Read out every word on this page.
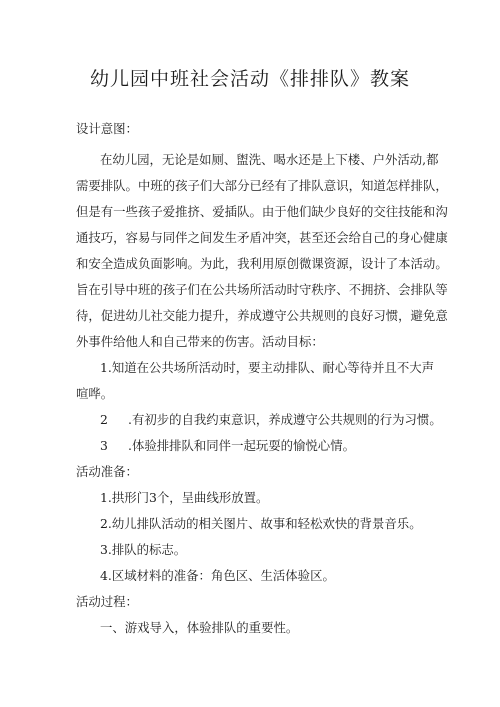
幼儿园中班社会活动《排排队》教案
设计意图：
在幼儿园，无论是如厕、盥洗、喝水还是上下楼、户外活动,都
需要排队。中班的孩子们大部分已经有了排队意识，知道怎样排队，
但是有一些孩子爱推挤、爱插队。由于他们缺少良好的交往技能和沟
通技巧，容易与同伴之间发生矛盾冲突，甚至还会给自己的身心健康
和安全造成负面影响。为此，我利用原创微课资源，设计了本活动。
旨在引导中班的孩子们在公共场所活动时守秩序、不拥挤、会排队等
待，促进幼儿社交能力提升，养成遵守公共规则的良好习惯，避免意
外事件给他人和自己带来的伤害。活动目标：
1.知道在公共场所活动时，要主动排队、耐心等待并且不大声
喧哗。
2 .有初步的自我约束意识，养成遵守公共规则的行为习惯。
3 .体验排排队和同伴一起玩耍的愉悦心情。
活动准备：
1.拱形门3个，呈曲线形放置。
2.幼儿排队活动的相关图片、故事和轻松欢快的背景音乐。
3.排队的标志。
4.区域材料的准备：角色区、生活体验区。
活动过程：
一、游戏导入，体验排队的重要性。
